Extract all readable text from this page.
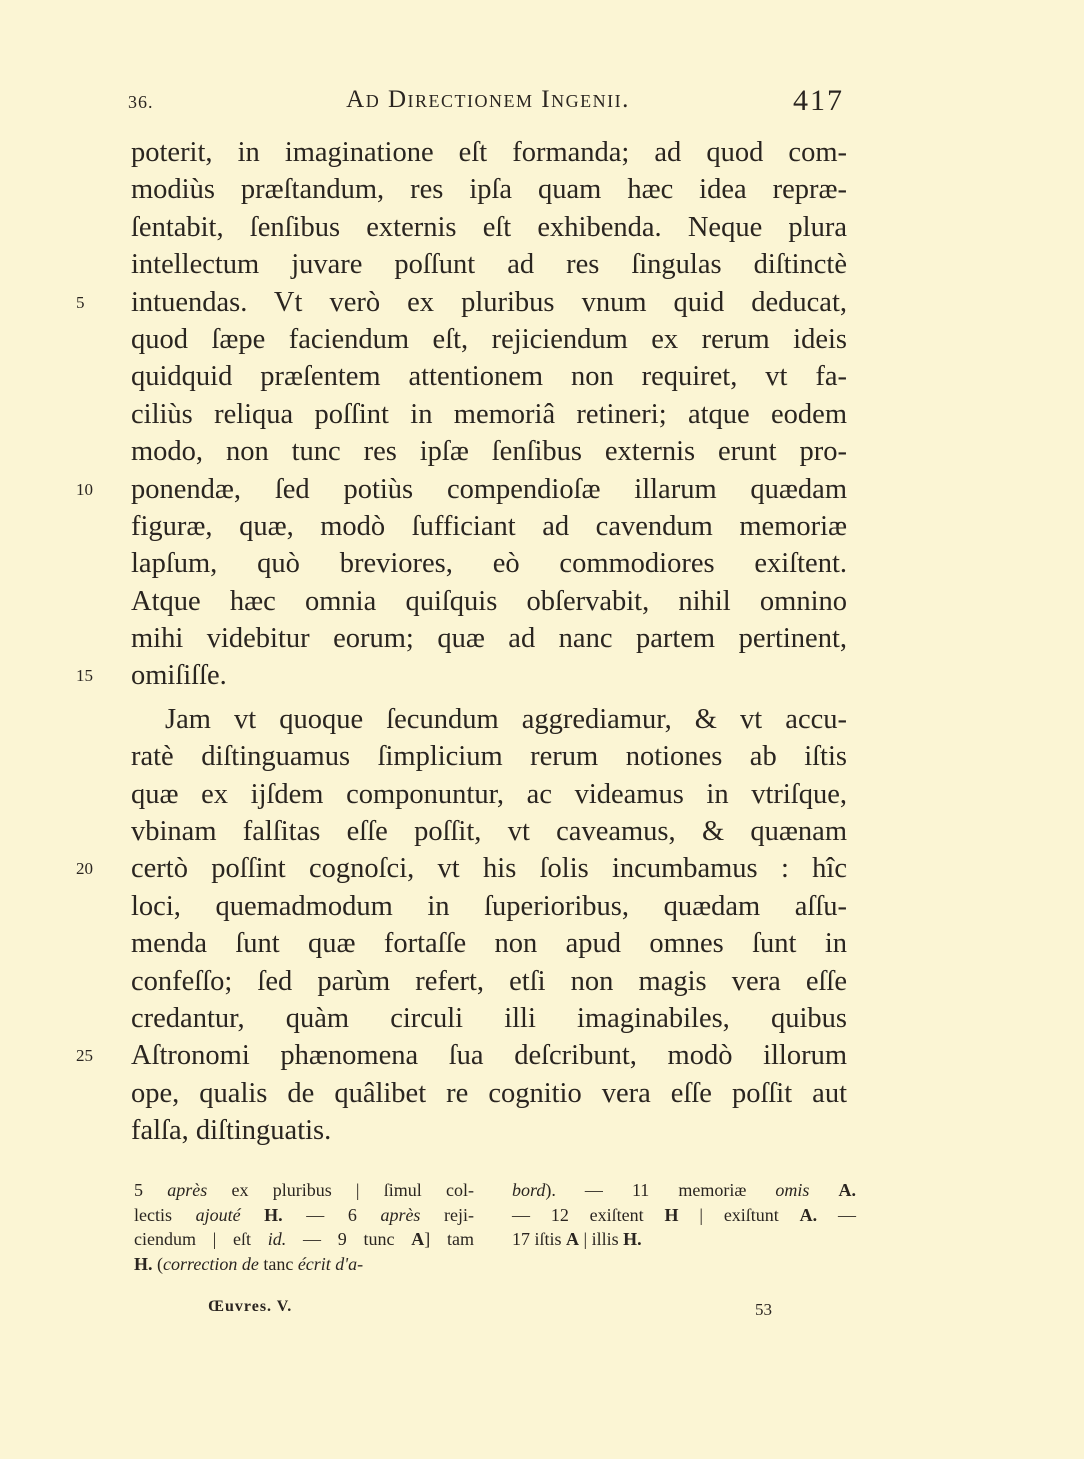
36.	Ad Directionem Ingenii.	417
poterit, in imaginatione eſt formanda; ad quod com-
modiùs præſtandum, res ipſa quam hæc idea repræ-
ſentabit, ſenſibus externis eſt exhibenda. Neque plura
intellectum juvare poſſunt ad res ſingulas diſtinctè
intuendas. Vt verò ex pluribus vnum quid deducat,
5
quod ſæpe faciendum eſt, rejiciendum ex rerum ideis
quidquid præſentem attentionem non requiret, vt fa-
ciliùs reliqua poſſint in memoriâ retineri; atque eodem
modo, non tunc res ipſæ ſenſibus externis erunt pro-
ponendæ, ſed potiùs compendioſæ illarum quædam
10
figuræ, quæ, modò ſufficiant ad cavendum memoriæ
lapſum, quò breviores, eò commodiores exiſtent.
Atque hæc omnia quiſquis obſervabit, nihil omnino
mihi videbitur eorum; quæ ad nanc partem pertinent,
omiſiſſe.
15
Jam vt quoque ſecundum aggrediamur, & vt accu-
ratè diſtinguamus ſimplicium rerum notiones ab iſtis
quæ ex ijſdem componuntur, ac videamus in vtriſque,
vbinam falſitas eſſe poſſit, vt caveamus, & quænam
certò poſſint cognoſci, vt his ſolis incumbamus : hîc
20
loci, quemadmodum in ſuperioribus, quædam aſſu-
menda ſunt quæ fortaſſe non apud omnes ſunt in
confeſſo; ſed parùm refert, etſi non magis vera eſſe
credantur, quàm circuli illi imaginabiles, quibus
Aſtronomi phænomena ſua deſcribunt, modò illorum
25
ope, qualis de quâlibet re cognitio vera eſſe poſſit aut
falſa, diſtinguatis.
5 après ex pluribus | ſimul col-
lectis ajouté H. — 6 après reji-
ciendum | eſt id. — 9 tunc A] tam
H. (correction de tanc écrit d'a-
bord). — 11 memoriæ omis A.
— 12 exiſtent H | exiſtunt A. —
17 iſtis A | illis H.
Œuvres. V.	53
